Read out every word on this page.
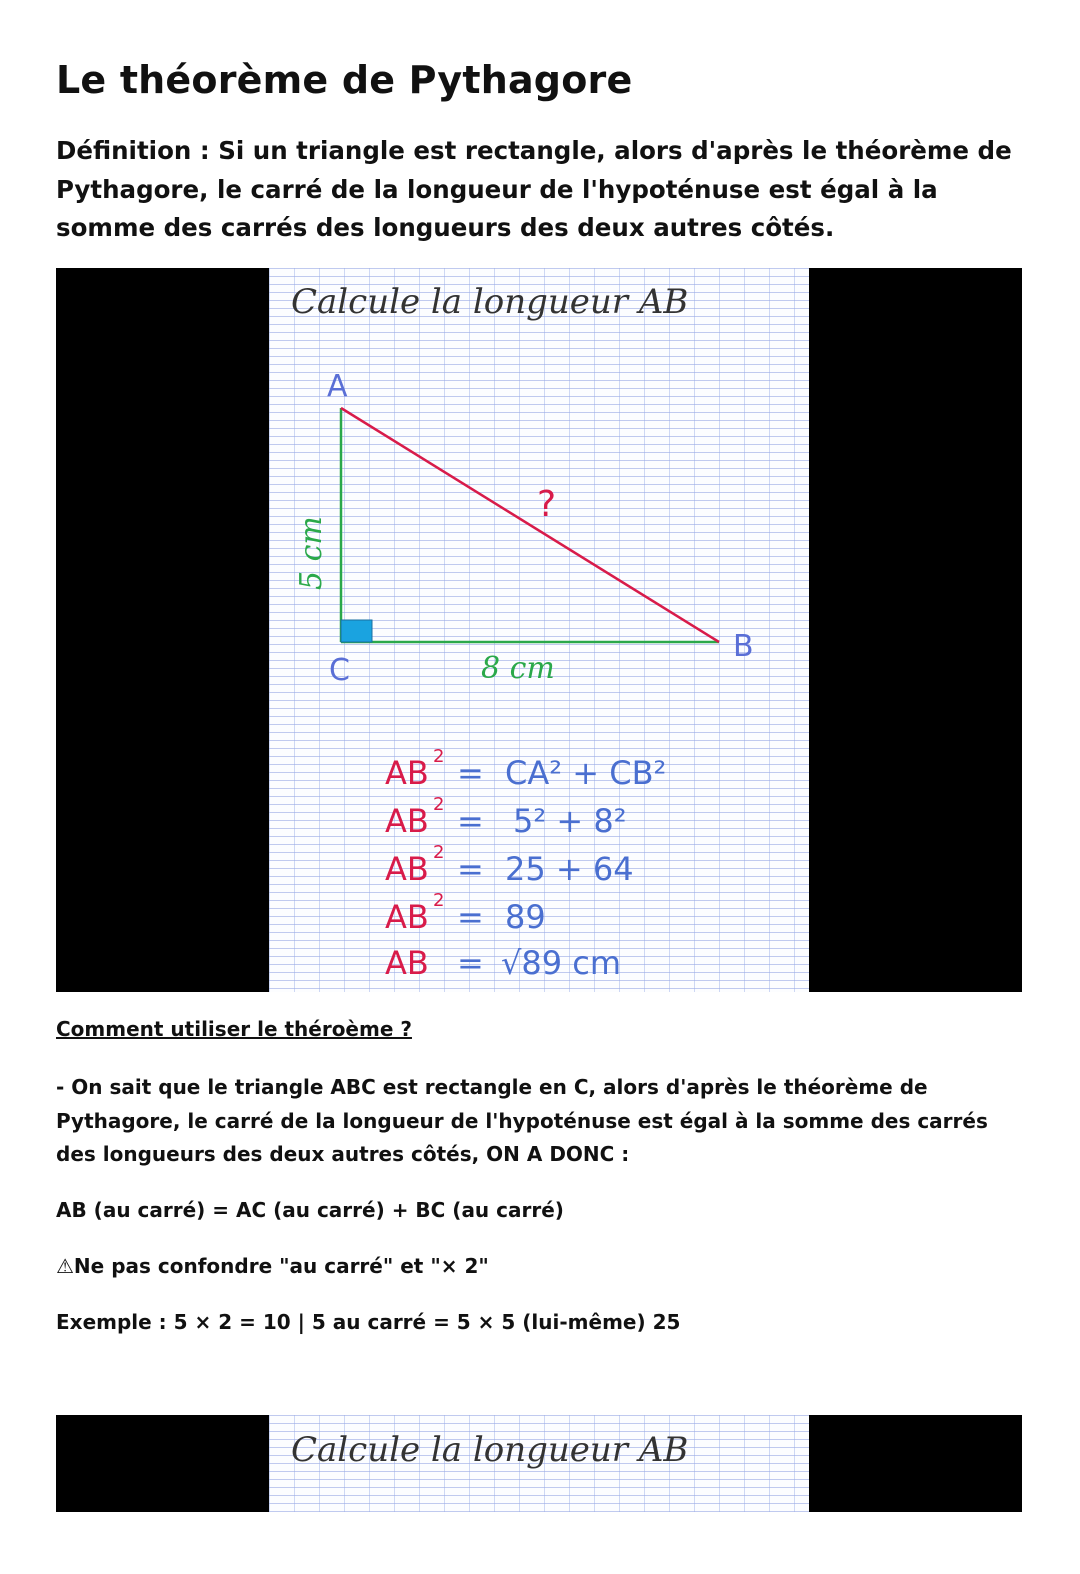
Le théorème de Pythagore

Définition : Si un triangle est rectangle, alors d'après le théorème de Pythagore, le carré de la longueur de l'hypoténuse est égal à la somme des carrés des longueurs des deux autres côtés.

Calcule la longueur AB
A
B
C
?
5 cm
8 cm
AB 2 = CA² + CB²
AB 2 = 5² + 8²
AB 2 = 25 + 64
AB 2 = 89
AB = √89 cm
Comment utiliser le théroème ?

- On sait que le triangle ABC est rectangle en C, alors d'après le théorème de Pythagore, le carré de la longueur de l'hypoténuse est égal à la somme des carrés des longueurs des deux autres côtés, ON A DONC :

AB (au carré) = AC (au carré) + BC (au carré)

⚠Ne pas confondre "au carré" et "× 2"

Exemple : 5 × 2 = 10 | 5 au carré = 5 × 5 (lui-même) 25

Calcule la longueur AB
